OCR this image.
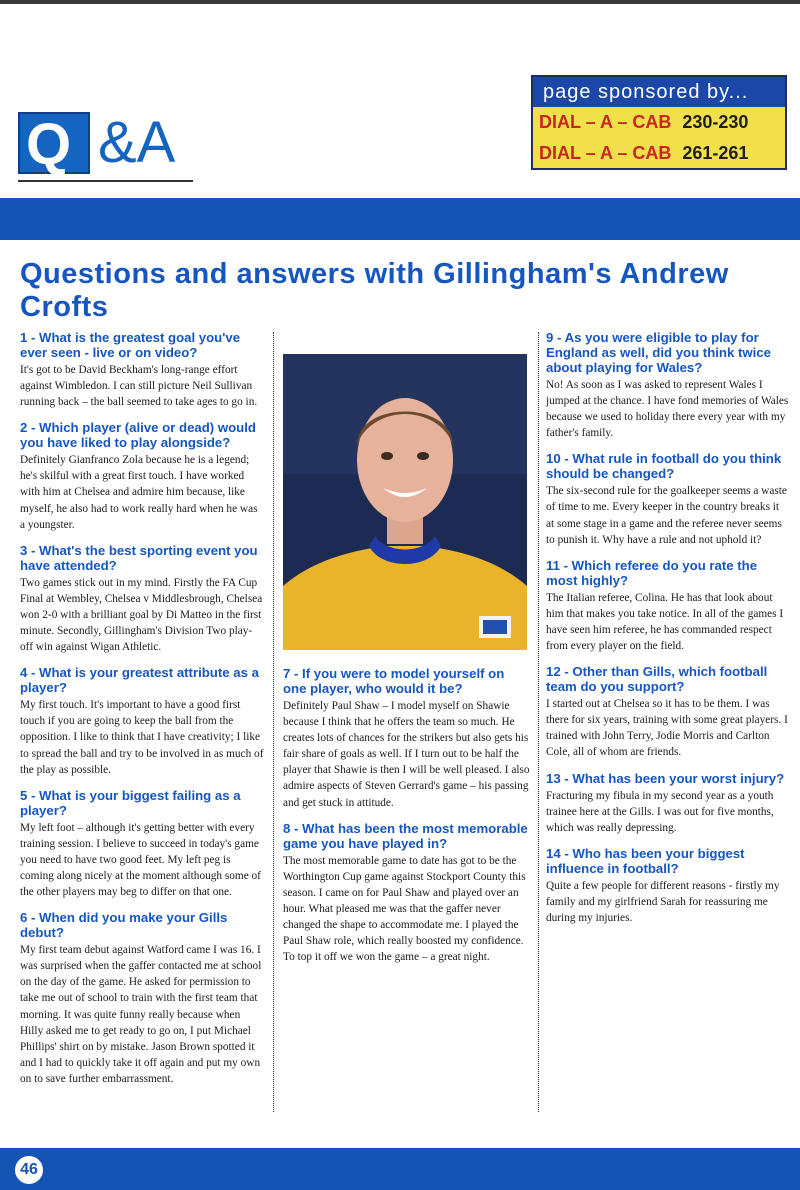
Q &A
page sponsored by...
DIAL – A – CAB 230-230
DIAL – A – CAB 261-261
Questions and answers with Gillingham's Andrew Crofts
1 - What is the greatest goal you've ever seen - live or on video?
It's got to be David Beckham's long-range effort against Wimbledon. I can still picture Neil Sullivan running back – the ball seemed to take ages to go in.
2 - Which player (alive or dead) would you have liked to play alongside?
Definitely Gianfranco Zola because he is a legend; he's skilful with a great first touch. I have worked with him at Chelsea and admire him because, like myself, he also had to work really hard when he was a youngster.
3 - What's the best sporting event you have attended?
Two games stick out in my mind. Firstly the FA Cup Final at Wembley, Chelsea v Middlesbrough, Chelsea won 2-0 with a brilliant goal by Di Matteo in the first minute. Secondly, Gillingham's Division Two play-off win against Wigan Athletic.
4 - What is your greatest attribute as a player?
My first touch. It's important to have a good first touch if you are going to keep the ball from the opposition. I like to think that I have creativity; I like to spread the ball and try to be involved in as much of the play as possible.
5 - What is your biggest failing as a player?
My left foot – although it's getting better with every training session. I believe to succeed in today's game you need to have two good feet. My left peg is coming along nicely at the moment although some of the other players may beg to differ on that one.
6 - When did you make your Gills debut?
My first team debut against Watford came I was 16. I was surprised when the gaffer contacted me at school on the day of the game. He asked for permission to take me out of school to train with the first team that morning. It was quite funny really because when Hilly asked me to get ready to go on, I put Michael Phillips' shirt on by mistake. Jason Brown spotted it and I had to quickly take it off again and put my own on to save further embarrassment.
7 - If you were to model yourself on one player, who would it be?
Definitely Paul Shaw – I model myself on Shawie because I think that he offers the team so much. He creates lots of chances for the strikers but also gets his fair share of goals as well. If I turn out to be half the player that Shawie is then I will be well pleased. I also admire aspects of Steven Gerrard's game – his passing and get stuck in attitude.
8 - What has been the most memorable game you have played in?
The most memorable game to date has got to be the Worthington Cup game against Stockport County this season. I came on for Paul Shaw and played over an hour. What pleased me was that the gaffer never changed the shape to accommodate me. I played the Paul Shaw role, which really boosted my confidence. To top it off we won the game – a great night.
9 - As you were eligible to play for England as well, did you think twice about playing for Wales?
No! As soon as I was asked to represent Wales I jumped at the chance. I have fond memories of Wales because we used to holiday there every year with my father's family.
10 - What rule in football do you think should be changed?
The six-second rule for the goalkeeper seems a waste of time to me. Every keeper in the country breaks it at some stage in a game and the referee never seems to punish it. Why have a rule and not uphold it?
11 - Which referee do you rate the most highly?
The Italian referee, Colina. He has that look about him that makes you take notice. In all of the games I have seen him referee, he has commanded respect from every player on the field.
12 - Other than Gills, which football team do you support?
I started out at Chelsea so it has to be them. I was there for six years, training with some great players. I trained with John Terry, Jodie Morris and Carlton Cole, all of whom are friends.
13 - What has been your worst injury?
Fracturing my fibula in my second year as a youth trainee here at the Gills. I was out for five months, which was really depressing.
14 - Who has been your biggest influence in football?
Quite a few people for different reasons - firstly my family and my girlfriend Sarah for reassuring me during my injuries.
46
